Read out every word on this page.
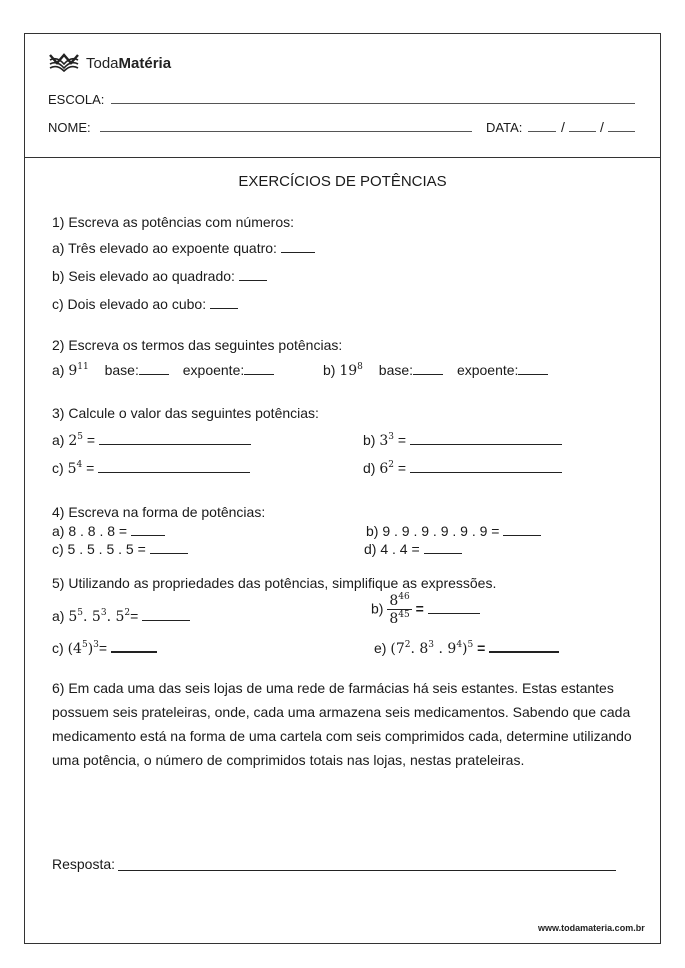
TodaMatéria
ESCOLA:
NOME:	DATA:	/	/
EXERCÍCIOS DE POTÊNCIAS
1) Escreva as potências com números:
a) Três elevado ao expoente quatro:
b) Seis elevado ao quadrado:
c) Dois elevado ao cubo:
2) Escreva os termos das seguintes potências:
a) $9^{11}$ base:	expoente:	b) $19^8$ base:	expoente:
3) Calcule o valor das seguintes potências:
a) $2^5$ =	b) $3^3$ =
c) $5^4$ =	d) $6^2$ =
4) Escreva na forma de potências:
a) 8 . 8 . 8 =	b) 9 . 9 . 9 . 9 . 9 . 9 =
c) 5 . 5 . 5 . 5 =	d) 4 . 4 =
5) Utilizando as propriedades das potências, simplifique as expressões.
a) $5^5$. $5^3$. $5^2=$	$b) \frac{8^{46}}{8^{45}}$ =
c) $(4^5)^3=$	e) ($7^2$. $8^3$ . $9^4)^5$ =
6) Em cada uma das seis lojas de uma rede de farmácias há seis estantes. Estas estantes
possuem seis prateleiras, onde, cada uma armazena seis medicamentos. Sabendo que cada
medicamento está na forma de uma cartela com seis comprimidos cada, determine utilizando
uma potência, o número de comprimidos totais nas lojas, nestas prateleiras.
Resposta:
www.todamateria.com.br
